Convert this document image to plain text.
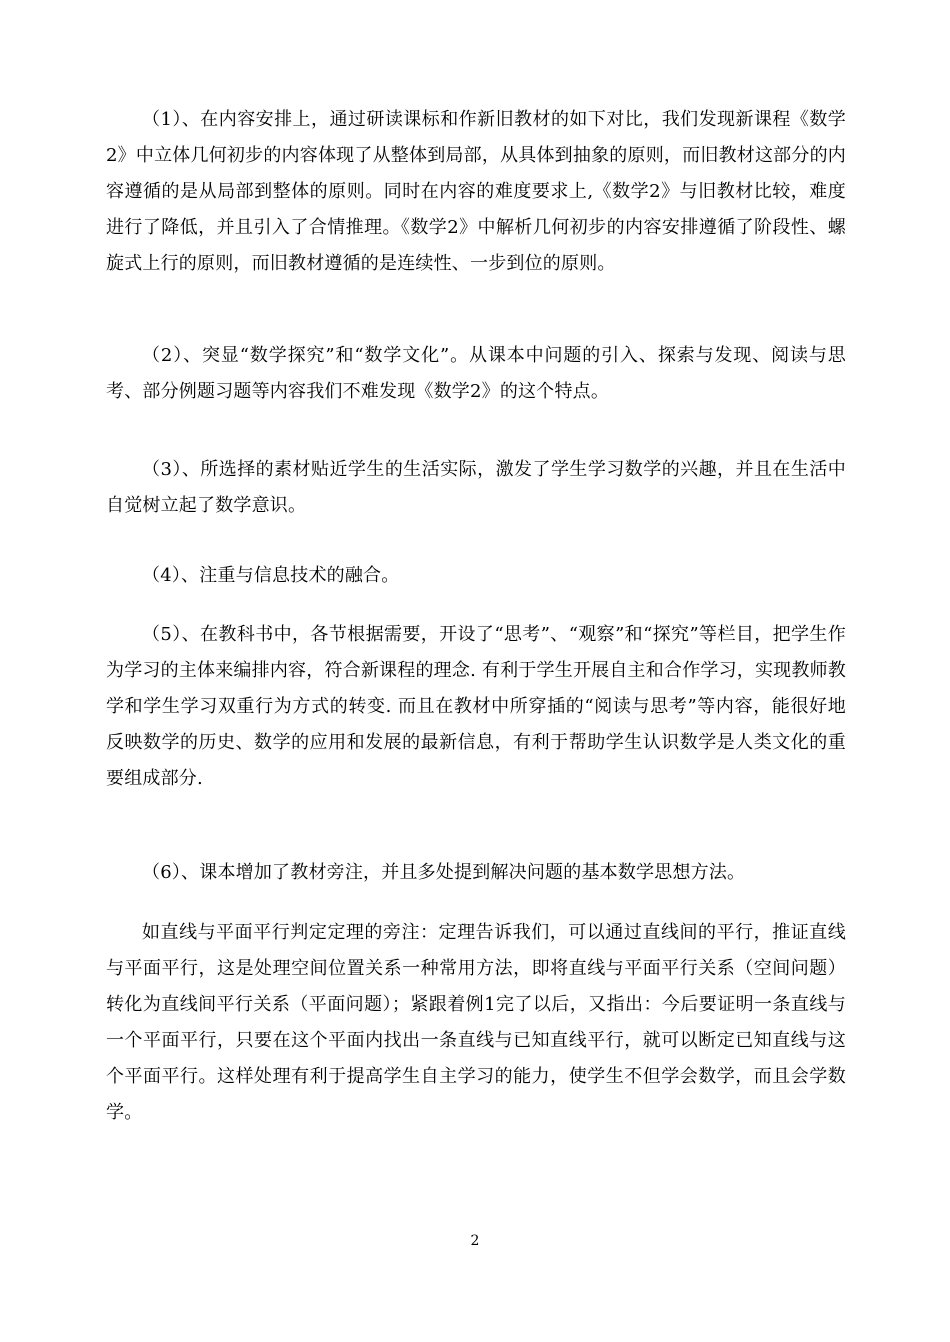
（1）、在内容安排上，通过研读课标和作新旧教材的如下对比，我们发现新课程《数学2》中立体几何初步的内容体现了从整体到局部，从具体到抽象的原则，而旧教材这部分的内容遵循的是从局部到整体的原则。同时在内容的难度要求上,《数学2》与旧教材比较，难度进行了降低，并且引入了合情推理。《数学2》中解析几何初步的内容安排遵循了阶段性、螺旋式上行的原则，而旧教材遵循的是连续性、一步到位的原则。

（2）、突显“数学探究”和“数学文化”。从课本中问题的引入、探索与发现、阅读与思考、部分例题习题等内容我们不难发现《数学2》的这个特点。

（3）、所选择的素材贴近学生的生活实际，激发了学生学习数学的兴趣，并且在生活中自觉树立起了数学意识。

（4）、注重与信息技术的融合。

（5）、在教科书中，各节根据需要，开设了“思考”、“观察”和“探究”等栏目，把学生作为学习的主体来编排内容，符合新课程的理念. 有利于学生开展自主和合作学习，实现教师教学和学生学习双重行为方式的转变. 而且在教材中所穿插的“阅读与思考”等内容，能很好地反映数学的历史、数学的应用和发展的最新信息，有利于帮助学生认识数学是人类文化的重要组成部分.

（6）、课本增加了教材旁注，并且多处提到解决问题的基本数学思想方法。

如直线与平面平行判定定理的旁注：定理告诉我们，可以通过直线间的平行，推证直线与平面平行，这是处理空间位置关系一种常用方法，即将直线与平面平行关系（空间问题）转化为直线间平行关系（平面问题）；紧跟着例1完了以后，又指出：今后要证明一条直线与一个平面平行，只要在这个平面内找出一条直线与已知直线平行，就可以断定已知直线与这个平面平行。这样处理有利于提高学生自主学习的能力，使学生不但学会数学，而且会学数学。

2
